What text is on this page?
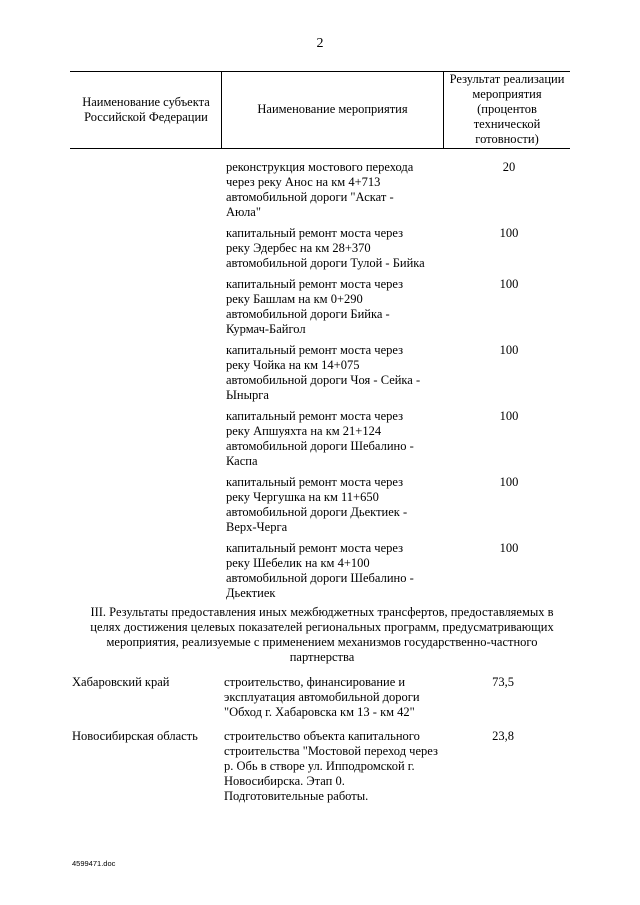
2
Наименование субъекта Российской Федерации
Наименование мероприятия
Результат реализации мероприятия (процентов технической готовности)
реконструкция мостового перехода через реку Анос на км 4+713 автомобильной дороги "Аскат - Аюла"
20
капитальный ремонт моста через реку Эдербес на км 28+370 автомобильной дороги Тулой - Бийка
100
капитальный ремонт моста через реку Башлам на км 0+290 автомобильной дороги Бийка - Курмач-Байгол
100
капитальный ремонт моста через реку Чойка на км 14+075 автомобильной дороги Чоя - Сейка - Ынырга
100
капитальный ремонт моста через реку Апшуяхта на км 21+124 автомобильной дороги Шебалино - Каспа
100
капитальный ремонт моста через реку Чергушка на км 11+650 автомобильной дороги Дьектиек - Верх-Черга
100
капитальный ремонт моста через реку Шебелик на км 4+100 автомобильной дороги Шебалино - Дьектиек
100
III. Результаты предоставления иных межбюджетных трансфертов, предоставляемых в целях достижения целевых показателей региональных программ, предусматривающих мероприятия, реализуемые с применением механизмов государственно-частного партнерства
Хабаровский край	строительство, финансирование и эксплуатация автомобильной дороги "Обход г. Хабаровска км 13 - км 42"
73,5
Новосибирская область	строительство объекта капитального строительства "Мостовой переход через р. Обь в створе ул. Ипподромской г. Новосибирска. Этап 0. Подготовительные работы.
23,8
4599471.doc
